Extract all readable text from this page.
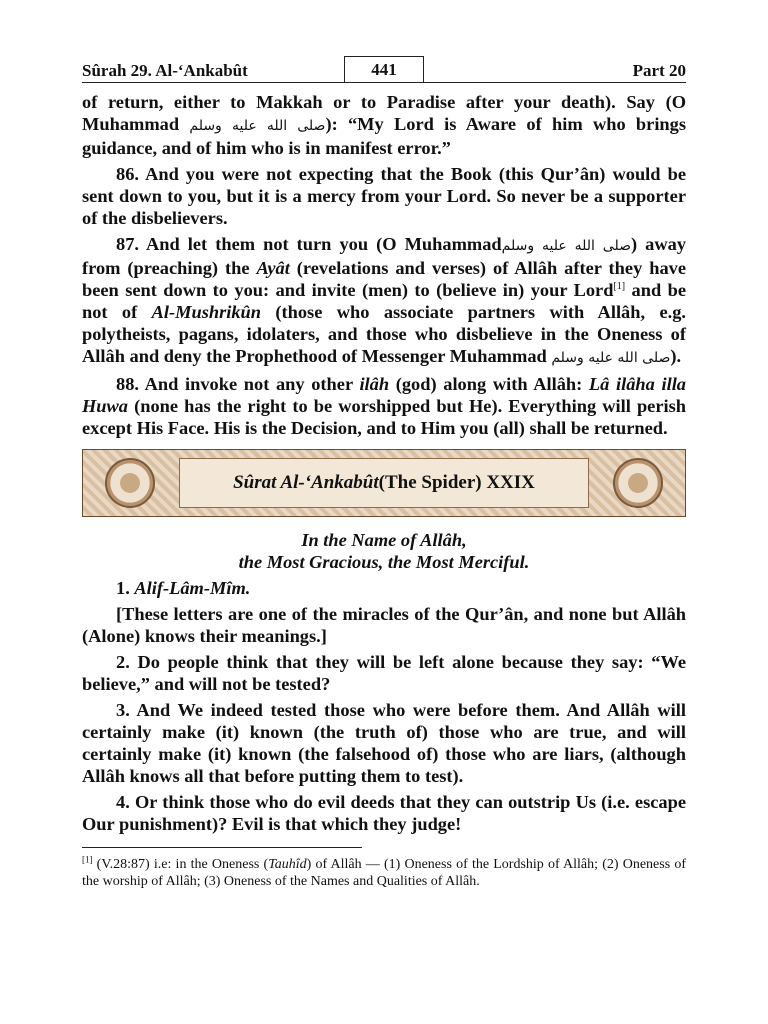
Sûrah 29. Al-‘Ankabût	441	Part 20

of return, either to Makkah or to Paradise after your death). Say (O Muhammad صلى الله عليه وسلم): “My Lord is Aware of him who brings guidance, and of him who is in manifest error.”

86. And you were not expecting that the Book (this Qur’ân) would be sent down to you, but it is a mercy from your Lord. So never be a supporter of the disbelievers.

87. And let them not turn you (O Muhammadصلى الله عليه وسلم) away from (preaching) the Ayât (revelations and verses) of Allâh after they have been sent down to you: and invite (men) to (believe in) your Lord[1] and be not of Al-Mushrikûn (those who associate partners with Allâh, e.g. polytheists, pagans, idolaters, and those who disbelieve in the Oneness of Allâh and deny the Prophethood of Messenger Muhammad صلى الله عليه وسلم).

88. And invoke not any other ilâh (god) along with Allâh: Lâ ilâha illa Huwa (none has the right to be worshipped but He). Everything will perish except His Face. His is the Decision, and to Him you (all) shall be returned.

Sûrat Al-‘Ankabût (The Spider) XXIX
In the Name of Allâh,
the Most Gracious, the Most Merciful.

1. Alif-Lâm-Mîm.

[These letters are one of the miracles of the Qur’ân, and none but Allâh (Alone) knows their meanings.]

2. Do people think that they will be left alone because they say: “We believe,” and will not be tested?

3. And We indeed tested those who were before them. And Allâh will certainly make (it) known (the truth of) those who are true, and will certainly make (it) known (the falsehood of) those who are liars, (although Allâh knows all that before putting them to test).

4. Or think those who do evil deeds that they can outstrip Us (i.e. escape Our punishment)? Evil is that which they judge!

[1] (V.28:87) i.e: in the Oneness (Tauhîd) of Allâh — (1) Oneness of the Lordship of Allâh; (2) Oneness of the worship of Allâh; (3) Oneness of the Names and Qualities of Allâh.
